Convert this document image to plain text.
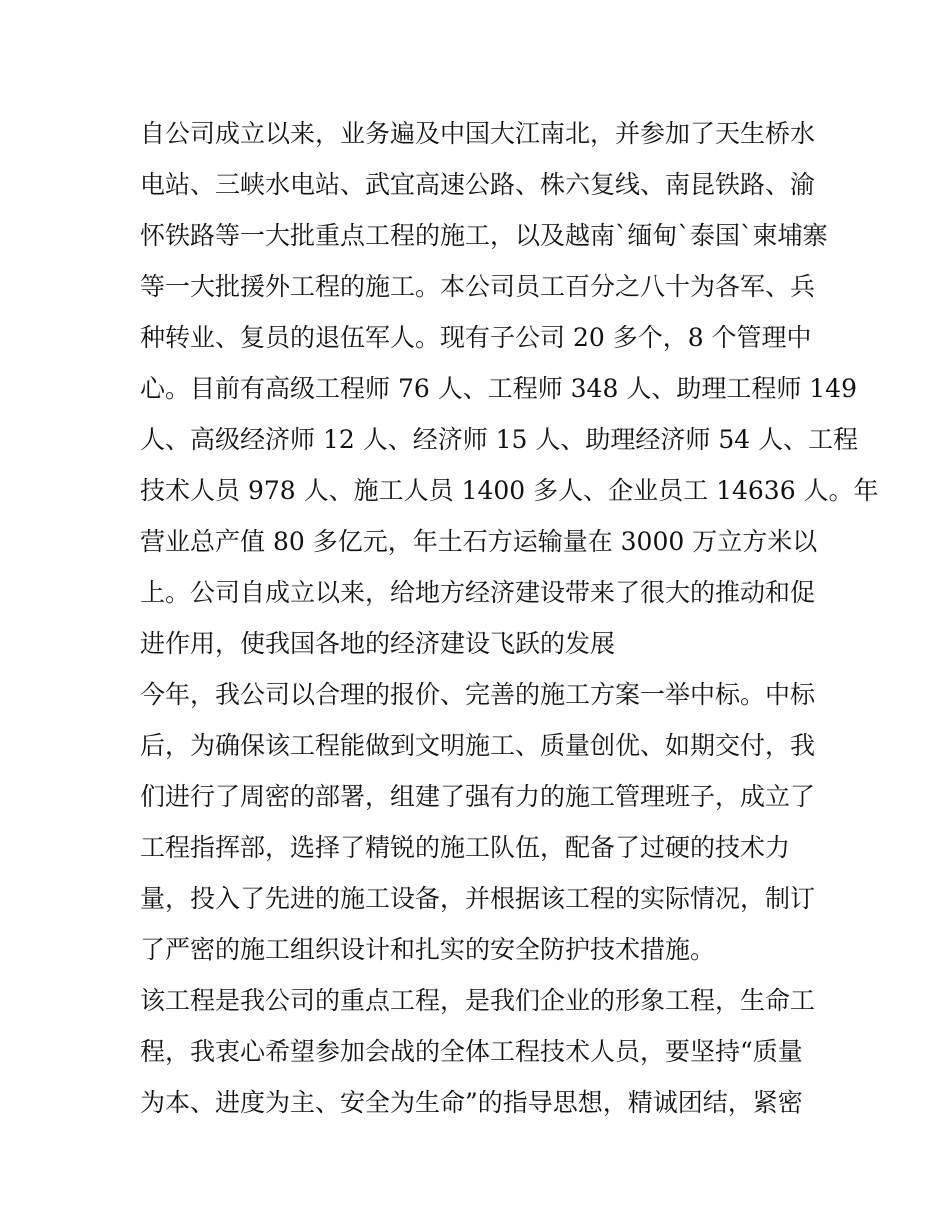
自公司成立以来，业务遍及中国大江南北，并参加了天生桥水
电站、三峡水电站、武宜高速公路、株六复线、南昆铁路、渝
怀铁路等一大批重点工程的施工，以及越南`缅甸`泰国`柬埔寨
等一大批援外工程的施工。本公司员工百分之八十为各军、兵
种转业、复员的退伍军人。现有子公司 20 多个，8 个管理中
心。目前有高级工程师 76 人、工程师 348 人、助理工程师 149
人、高级经济师 12 人、经济师 15 人、助理经济师 54 人、工程
技术人员 978 人、施工人员 1400 多人、企业员工 14636 人。年
营业总产值 80 多亿元，年土石方运输量在 3000 万立方米以
上。公司自成立以来，给地方经济建设带来了很大的推动和促
进作用，使我国各地的经济建设飞跃的发展
今年，我公司以合理的报价、完善的施工方案一举中标。中标
后，为确保该工程能做到文明施工、质量创优、如期交付，我
们进行了周密的部署，组建了强有力的施工管理班子，成立了
工程指挥部，选择了精锐的施工队伍，配备了过硬的技术力
量，投入了先进的施工设备，并根据该工程的实际情况，制订
了严密的施工组织设计和扎实的安全防护技术措施。
该工程是我公司的重点工程，是我们企业的形象工程，生命工
程，我衷心希望参加会战的全体工程技术人员，要坚持“质量
为本、进度为主、安全为生命”的指导思想，精诚团结，紧密
